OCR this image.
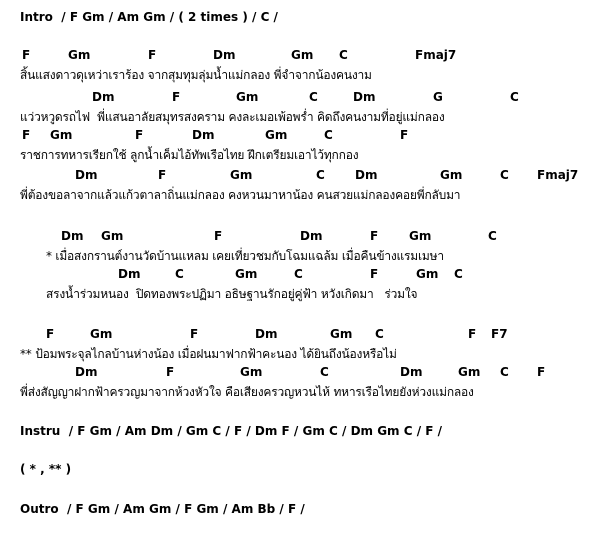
Intro  / F Gm / Am Gm / ( 2 times ) / C /

F

	Gm

	F

	Dm

	Gm

C

	Fmaj7

สิ้นแสงดาวดุเหว่าเราร้อง จากสุมทุมลุ่มน้ำแม่กลอง พี่จำจากน้องคนงาม

Dm

	F

	Gm

	C

	Dm

	G

	C

แว่วหวูดรถไฟ  พี่แสนอาลัยสมุทรสงคราม คงละเมอเพ้อพร่ำ คิดถึงคนงามที่อยู่แม่กลอง

F

Gm

	F

	Dm

	Gm

	C

	F

ราชการทหารเรียกใช้ ลูกน้ำเค็มไอ้ทัพเรือไทย ฝึกเตรียมเอาไว้ทุกกอง

Dm

	F

	Gm

	C

	Dm

	Gm

	C

Fmaj7

พี่ต้องขอลาจากแล้วแก้วตาลาถิ่นแม่กลอง คงหวนมาหาน้อง คนสวยแม่กลองคอยพี่กลับมา

Dm

Gm

	F

	Dm

	F

	Gm

	C

* เมื่อสงกรานต์งานวัดบ้านแหลม เคยเที่ยวชมกับโฉมแฉล้ม เมื่อคืนข้างแรมเมษา

Dm

	C

	Gm

	C

	F

	Gm

C

สรงน้ำร่วมหนอง  ปิดทองพระปฏิมา อธิษฐานรักอยู่คู่ฟ้า หวังเกิดมา   ร่วมใจ

F

	Gm

	F

	Dm

	Gm

C

	F

F7

** ป้อมพระจุลไกลบ้านห่างน้อง เมื่อฝนมาฟากฟ้าคะนอง ได้ยินถึงน้องหรือไม่

Dm

	F

	Gm

	C

	Dm

	Gm

C

F

พี่ส่งสัญญาฝากฟ้าครวญมาจากห้วงหัวใจ คือเสียงครวญหวนไห้ ทหารเรือไทยยังห่วงแม่กลอง

Instru  / F Gm / Am Dm / Gm C / F / Dm F / Gm C / Dm Gm C / F /

( * , ** )

Outro  / F Gm / Am Gm / F Gm / Am Bb / F /
